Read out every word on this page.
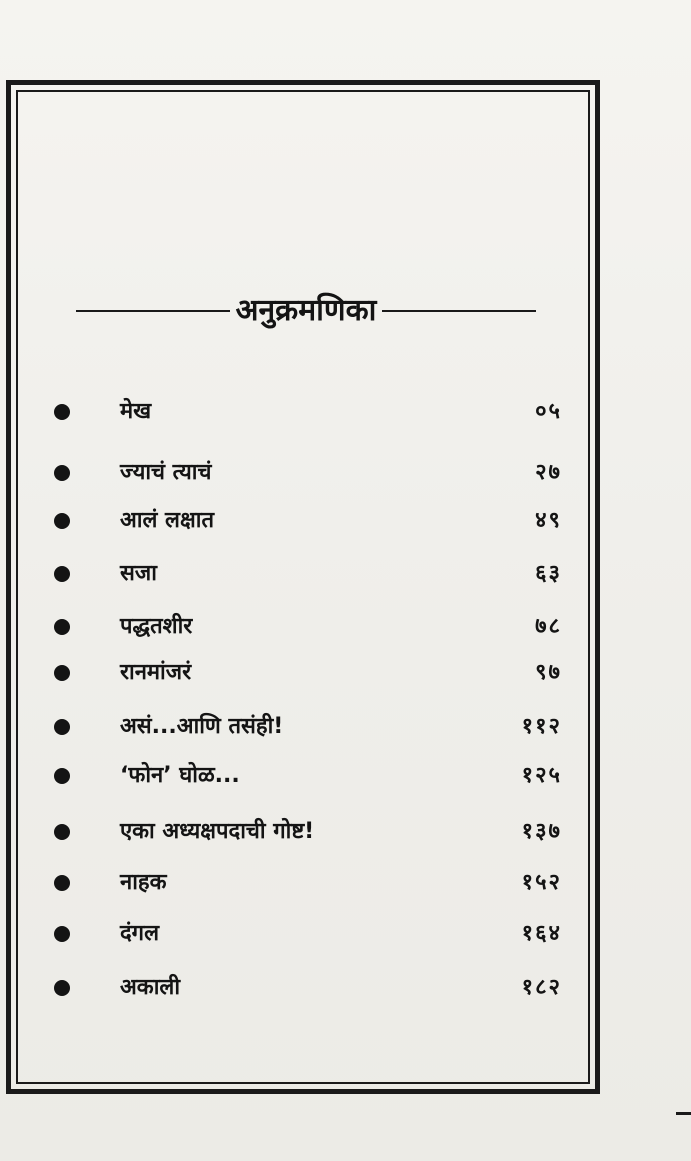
अनुक्रमणिका
मेख	०५
ज्याचं त्याचं	२७
आलं लक्षात	४९
सजा	६३
पद्धतशीर	७८
रानमांजरं	९७
असं...आणि तसंही!	११२
‘फोन’ घोळ...	१२५
एका अध्यक्षपदाची गोष्ट!	१३७
नाहक	१५२
दंगल	१६४
अकाली	१८२
